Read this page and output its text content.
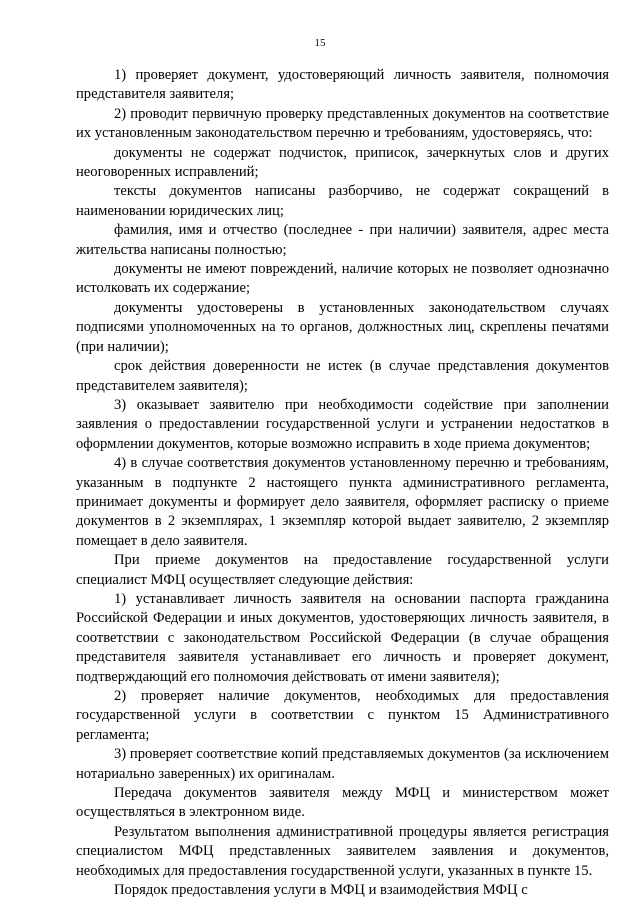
15

1) проверяет документ, удостоверяющий личность заявителя, полномочия представителя заявителя;

2) проводит первичную проверку представленных документов на соответствие их установленным законодательством перечню и требованиям, удостоверяясь, что:

документы не содержат подчисток, приписок, зачеркнутых слов и других неоговоренных исправлений;

тексты документов написаны разборчиво, не содержат сокращений в наименовании юридических лиц;

фамилия, имя и отчество (последнее - при наличии) заявителя, адрес места жительства написаны полностью;

документы не имеют повреждений, наличие которых не позволяет однозначно истолковать их содержание;

документы удостоверены в установленных законодательством случаях подписями уполномоченных на то органов, должностных лиц, скреплены печатями (при наличии);

срок действия доверенности не истек (в случае представления документов представителем заявителя);

3) оказывает заявителю при необходимости содействие при заполнении заявления о предоставлении государственной услуги и устранении недостатков в оформлении документов, которые возможно исправить в ходе приема документов;

4) в случае соответствия документов установленному перечню и требованиям, указанным в подпункте 2 настоящего пункта административного регламента, принимает документы и формирует дело заявителя, оформляет расписку о приеме документов в 2 экземплярах, 1 экземпляр которой выдает заявителю, 2 экземпляр помещает в дело заявителя.

При приеме документов на предоставление государственной услуги специалист МФЦ осуществляет следующие действия:

1) устанавливает личность заявителя на основании паспорта гражданина Российской Федерации и иных документов, удостоверяющих личность заявителя, в соответствии с законодательством Российской Федерации (в случае обращения представителя заявителя устанавливает его личность и проверяет документ, подтверждающий его полномочия действовать от имени заявителя);

2) проверяет наличие документов, необходимых для предоставления государственной услуги в соответствии с пунктом 15 Административного регламента;

3) проверяет соответствие копий представляемых документов (за исключением нотариально заверенных) их оригиналам.

Передача документов заявителя между МФЦ и министерством может осуществляться в электронном виде.

Результатом выполнения административной процедуры является регистрация специалистом МФЦ представленных заявителем заявления и документов, необходимых для предоставления государственной услуги, указанных в пункте 15.

Порядок предоставления услуги в МФЦ и взаимодействия МФЦ с
